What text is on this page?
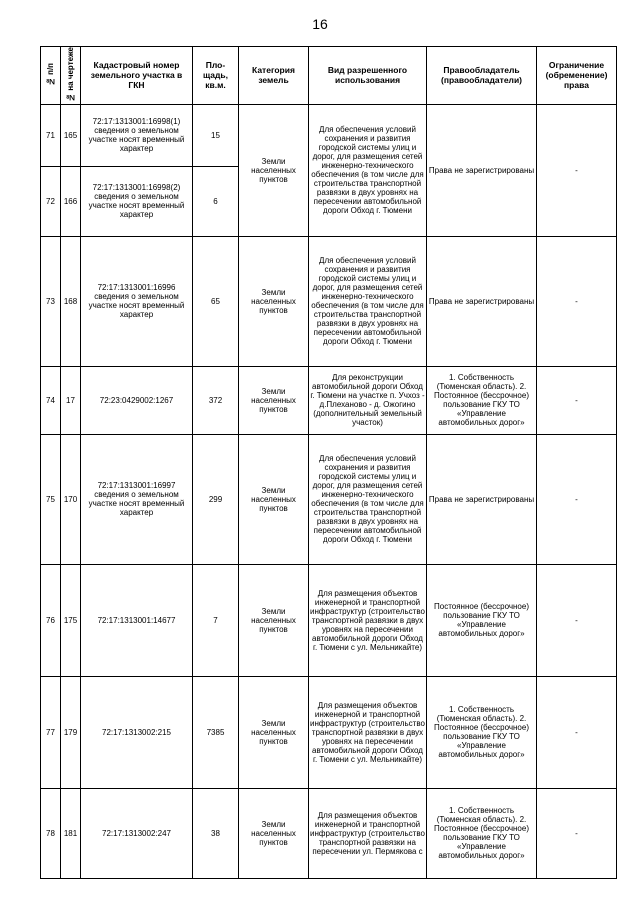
16
№ п/п	№ на чертеже	Кадастровый номер земельного участка в ГКН	Пло-щадь, кв.м.	Категория земель	Вид разрешенного использования	Правообладатель (правообладатели)	Ограничение (обременение) права
71	165	72:17:1313001:16998(1) сведения о земельном участке носят временный характер	15	Земли населенных пунктов	Для обеспечения условий сохранения и развития городской системы улиц и дорог, для размещения сетей инженерно-технического обеспечения (в том числе для строительства транспортной развязки в двух уровнях на пересечении автомобильной дороги Обход г. Тюмени	Права не зарегистрированы	-
72	166	72:17:1313001:16998(2) сведения о земельном участке носят временный характер	6				
73	168	72:17:1313001:16996 сведения о земельном участке носят временный характер	65	Земли населенных пунктов	Для обеспечения условий сохранения и развития городской системы улиц и дорог, для размещения сетей инженерно-технического обеспечения (в том числе для строительства транспортной развязки в двух уровнях на пересечении автомобильной дороги Обход г. Тюмени	Права не зарегистрированы	-
74	17	72:23:0429002:1267	372	Земли населенных пунктов	Для реконструкции автомобильной дороги Обход г. Тюмени на участке п. Учхоз - д.Плеханово - д. Ожогино (дополнительный земельный участок)	1. Собственность (Тюменская область). 2. Постоянное (бессрочное) пользование ГКУ ТО «Управление автомобильных дорог»	-
75	170	72:17:1313001:16997 сведения о земельном участке носят временный характер	299	Земли населенных пунктов	Для обеспечения условий сохранения и развития городской системы улиц и дорог, для размещения сетей инженерно-технического обеспечения (в том числе для строительства транспортной развязки в двух уровнях на пересечении автомобильной дороги Обход г. Тюмени	Права не зарегистрированы	-
76	175	72:17:1313001:14677	7	Земли населенных пунктов	Для размещения объектов инженерной и транспортной инфраструктур (строительство транспортной развязки в двух уровнях на пересечении автомобильной дороги Обход г. Тюмени с ул. Мельникайте)	Постоянное (бессрочное) пользование ГКУ ТО «Управление автомобильных дорог»	-
77	179	72:17:1313002:215	7385	Земли населенных пунктов	Для размещения объектов инженерной и транспортной инфраструктур (строительство транспортной развязки в двух уровнях на пересечении автомобильной дороги Обход г. Тюмени с ул. Мельникайте)	1. Собственность (Тюменская область). 2. Постоянное (бессрочное) пользование ГКУ ТО «Управление автомобильных дорог»	-
78	181	72:17:1313002:247	38	Земли населенных пунктов	Для размещения объектов инженерной и транспортной инфраструктур (строительство транспортной развязки на пересечении ул. Пермякова с	1. Собственность (Тюменская область). 2. Постоянное (бессрочное) пользование ГКУ ТО «Управление автомобильных дорог»	-
